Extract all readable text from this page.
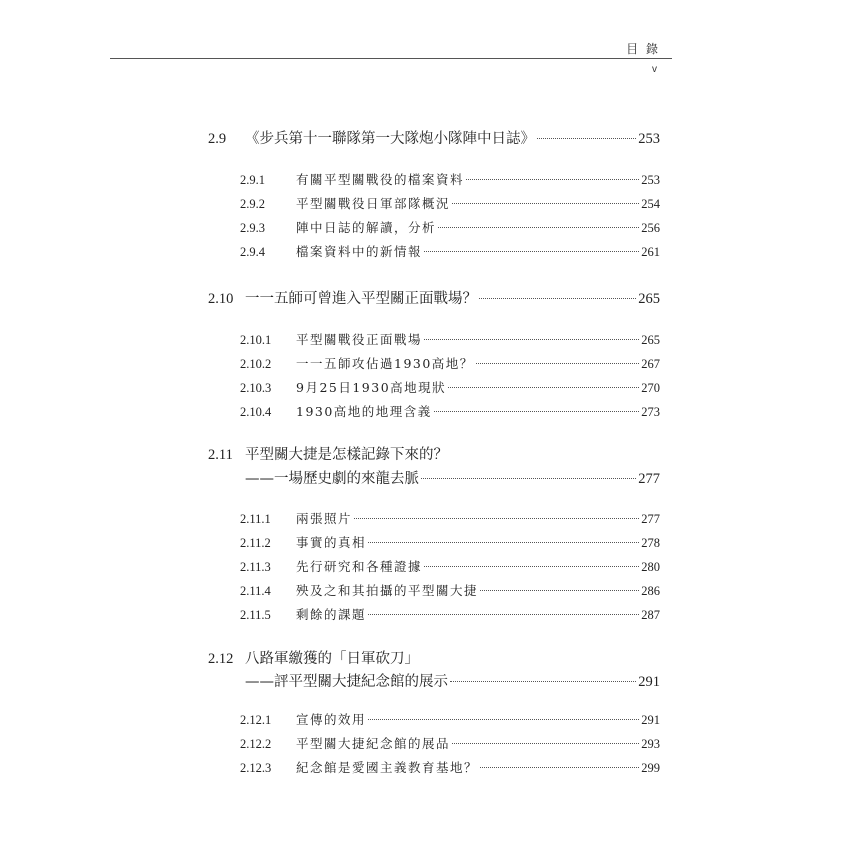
目 錄
v
2.9	《步兵第十一聯隊第一大隊炮小隊陣中日誌》	253
2.9.1	有關平型關戰役的檔案資料	253
2.9.2	平型關戰役日軍部隊概況	254
2.9.3	陣中日誌的解讀，分析	256
2.9.4	檔案資料中的新情報	261
2.10 一一五師可曾進入平型關正面戰場？	265
2.10.1	平型關戰役正面戰場	265
2.10.2	一一五師攻佔過1930高地？	267
2.10.3	9月25日1930高地現狀	270
2.10.4	1930高地的地理含義	273
2.11 平型關大捷是怎樣記錄下來的？
——一場歷史劇的來龍去脈	277
2.11.1	兩張照片	277
2.11.2	事實的真相	278
2.11.3	先行研究和各種證據	280
2.11.4	殃及之和其拍攝的平型關大捷	286
2.11.5	剩餘的課題	287
2.12 八路軍繳獲的「日軍砍刀」
——評平型關大捷紀念館的展示	291
2.12.1	宣傳的效用	291
2.12.2	平型關大捷紀念館的展品	293
2.12.3	紀念館是愛國主義教育基地？	299
